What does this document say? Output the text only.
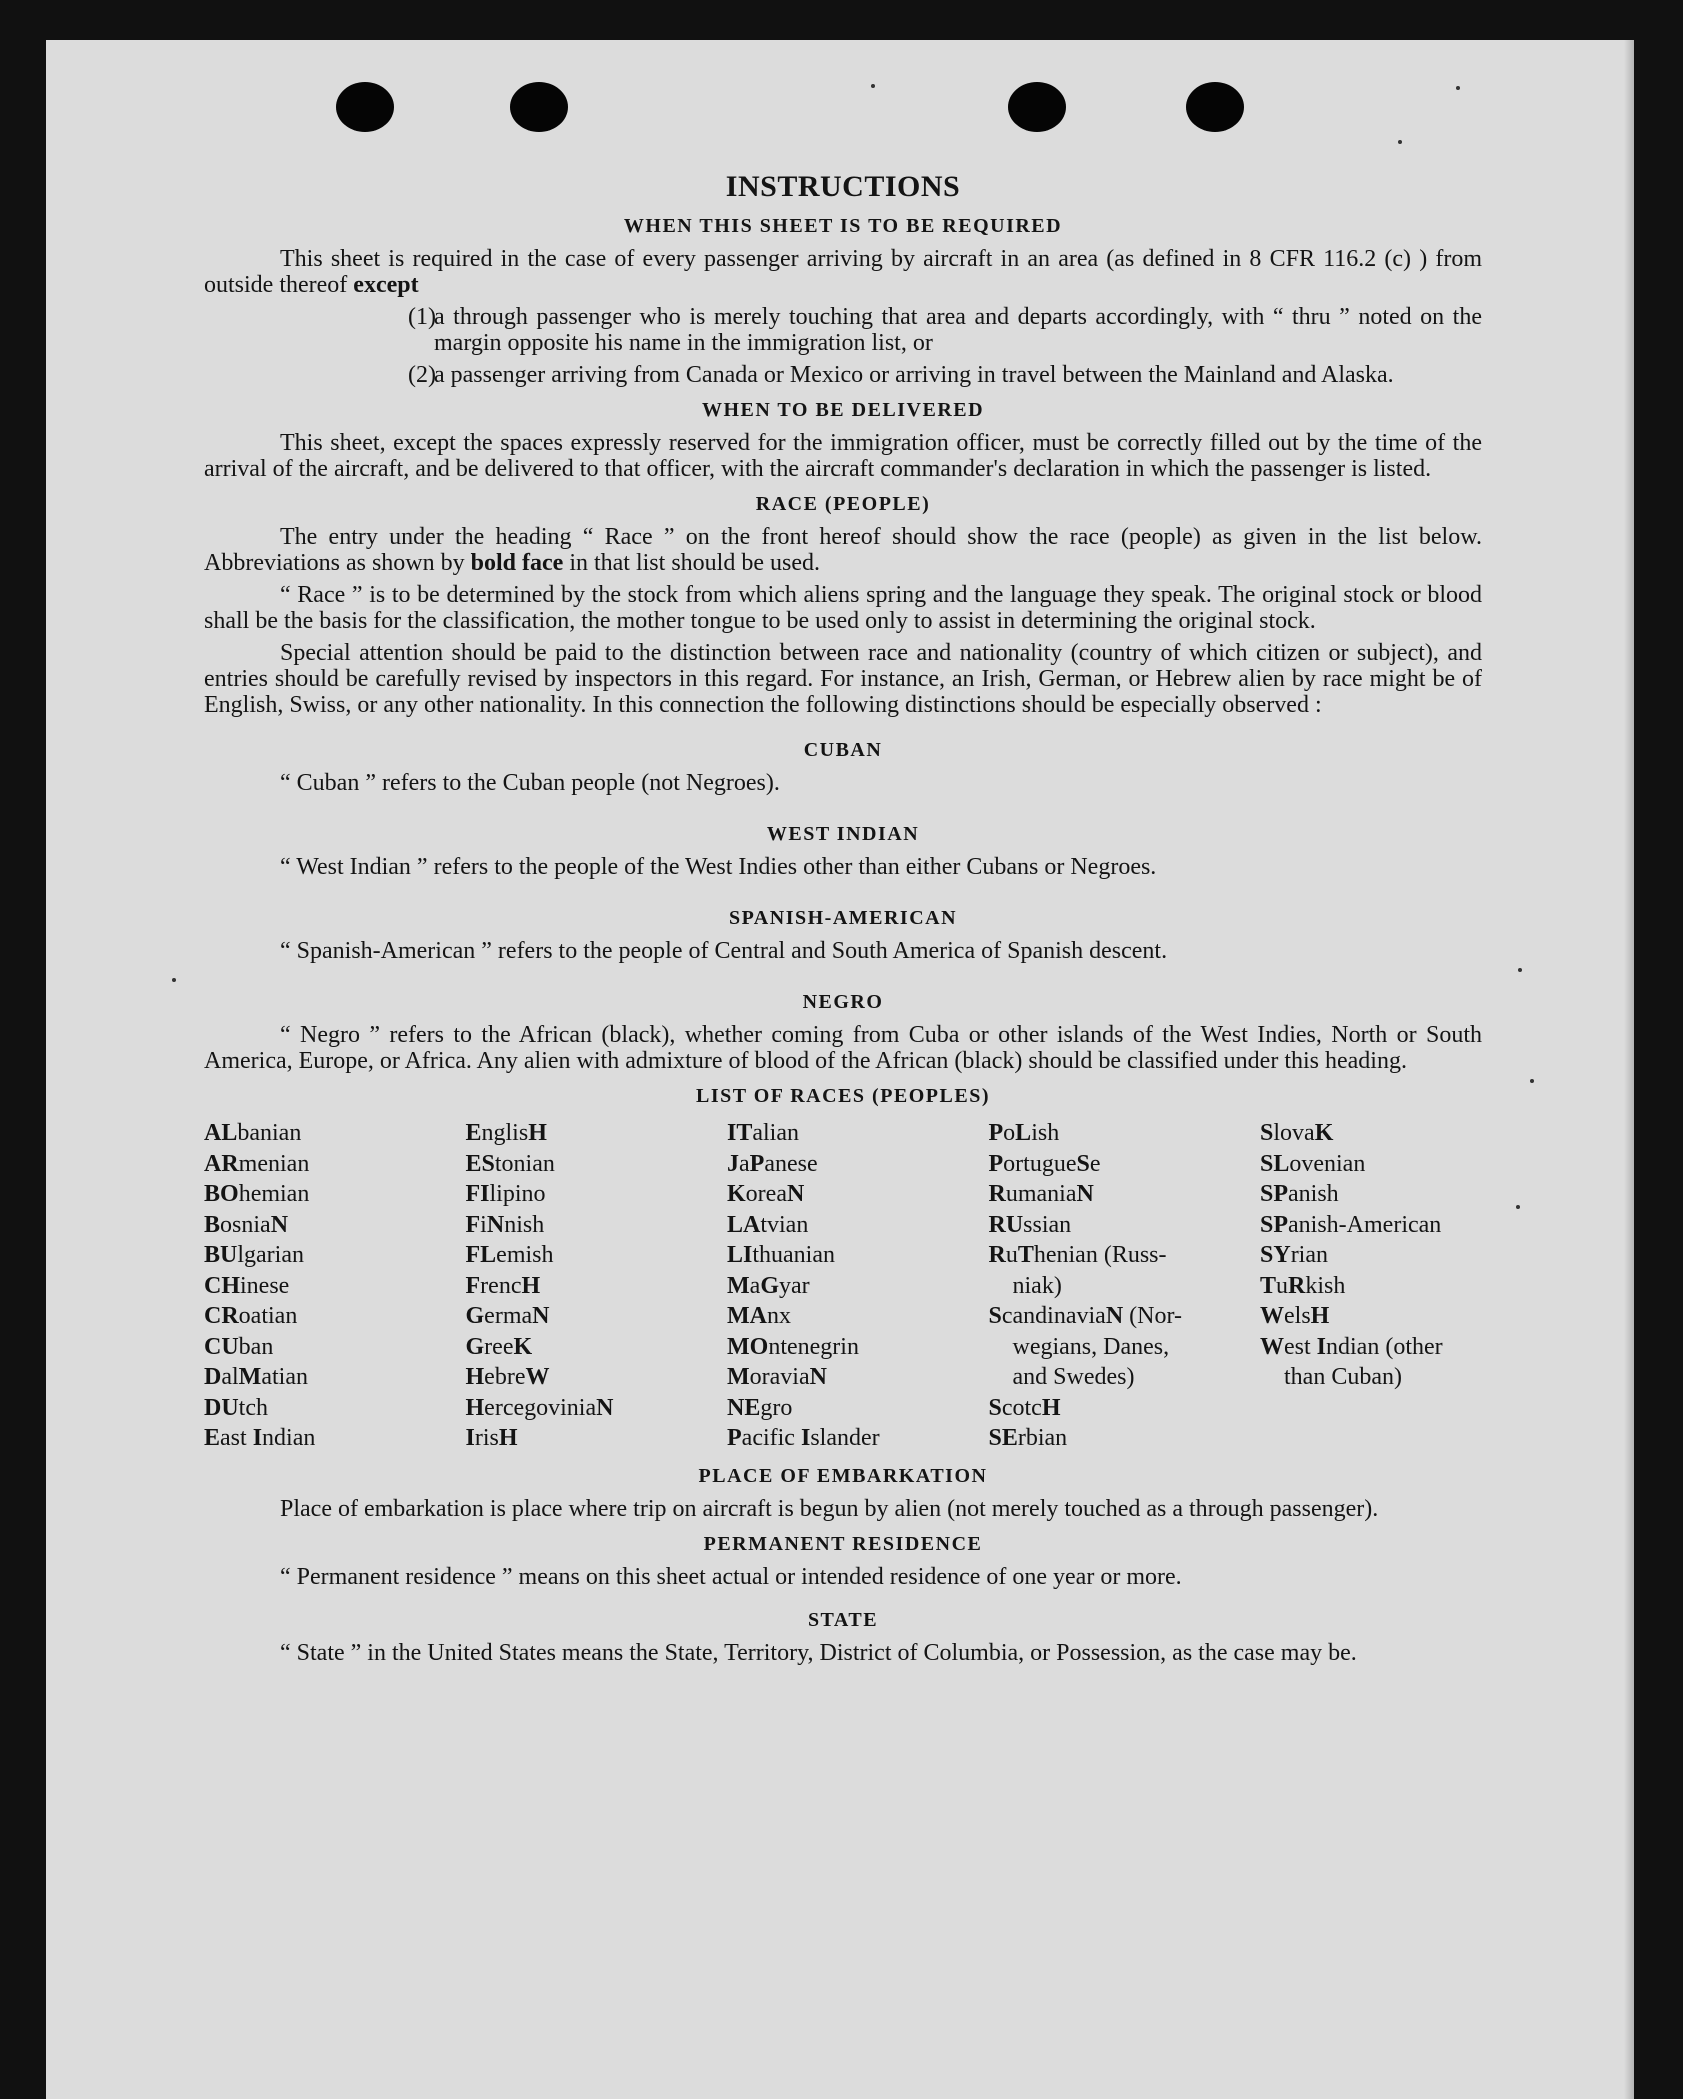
INSTRUCTIONS
WHEN THIS SHEET IS TO BE REQUIRED

This sheet is required in the case of every passenger arriving by aircraft in an area (as defined in 8 CFR 116.2 (c) ) from outside thereof except

(1)
a through passenger who is merely touching that area and departs accordingly, with “ thru ” noted on the margin opposite his name in the immigration list, or
(2)
a passenger arriving from Canada or Mexico or arriving in travel between the Mainland and Alaska.
WHEN TO BE DELIVERED

This sheet, except the spaces expressly reserved for the immigration officer, must be correctly filled out by the time of the arrival of the aircraft, and be delivered to that officer, with the aircraft commander's declaration in which the passenger is listed.

RACE (PEOPLE)

The entry under the heading “ Race ” on the front hereof should show the race (people) as given in the list below. Abbreviations as shown by bold face in that list should be used.

“ Race ” is to be determined by the stock from which aliens spring and the language they speak. The original stock or blood shall be the basis for the classification, the mother tongue to be used only to assist in determining the original stock.

Special attention should be paid to the distinction between race and nationality (country of which citizen or subject), and entries should be carefully revised by inspectors in this regard. For instance, an Irish, German, or Hebrew alien by race might be of English, Swiss, or any other nationality. In this connection the following distinctions should be especially observed :

CUBAN

“ Cuban ” refers to the Cuban people (not Negroes).

WEST INDIAN

“ West Indian ” refers to the people of the West Indies other than either Cubans or Negroes.

SPANISH-AMERICAN

“ Spanish-American ” refers to the people of Central and South America of Spanish descent.

NEGRO

“ Negro ” refers to the African (black), whether coming from Cuba or other islands of the West Indies, North or South America, Europe, or Africa. Any alien with admixture of blood of the African (black) should be classified under this heading.

LIST OF RACES (PEOPLES)
ALbanian
ARmenian
BOhemian
BosniaN
BUlgarian
CHinese
CRoatian
CUban
DalMatian
DUtch
East Indian
EnglisH
EStonian
FIlipino
FiNnish
FLemish
FrencH
GermaN
GreeK
HebreW
HercegoviniaN
IrisH
ITalian
JaPanese
KoreaN
LAtvian
LIthuanian
MaGyar
MAnx
MOntenegrin
MoraviaN
NEgro
Pacific Islander
PoLish
PortugueSe
RumaniaN
RUssian
RuThenian (Russ-
niak)
ScandinaviaN (Nor-
wegians, Danes,
and Swedes)
ScotcH
SErbian
SlovaK
SLovenian
SPanish
SPanish-American
SYrian
TuRkish
WelsH
West Indian (other
than Cuban)
PLACE OF EMBARKATION

Place of embarkation is place where trip on aircraft is begun by alien (not merely touched as a through passenger).

PERMANENT RESIDENCE

“ Permanent residence ” means on this sheet actual or intended residence of one year or more.

STATE

“ State ” in the United States means the State, Territory, District of Columbia, or Possession, as the case may be.
